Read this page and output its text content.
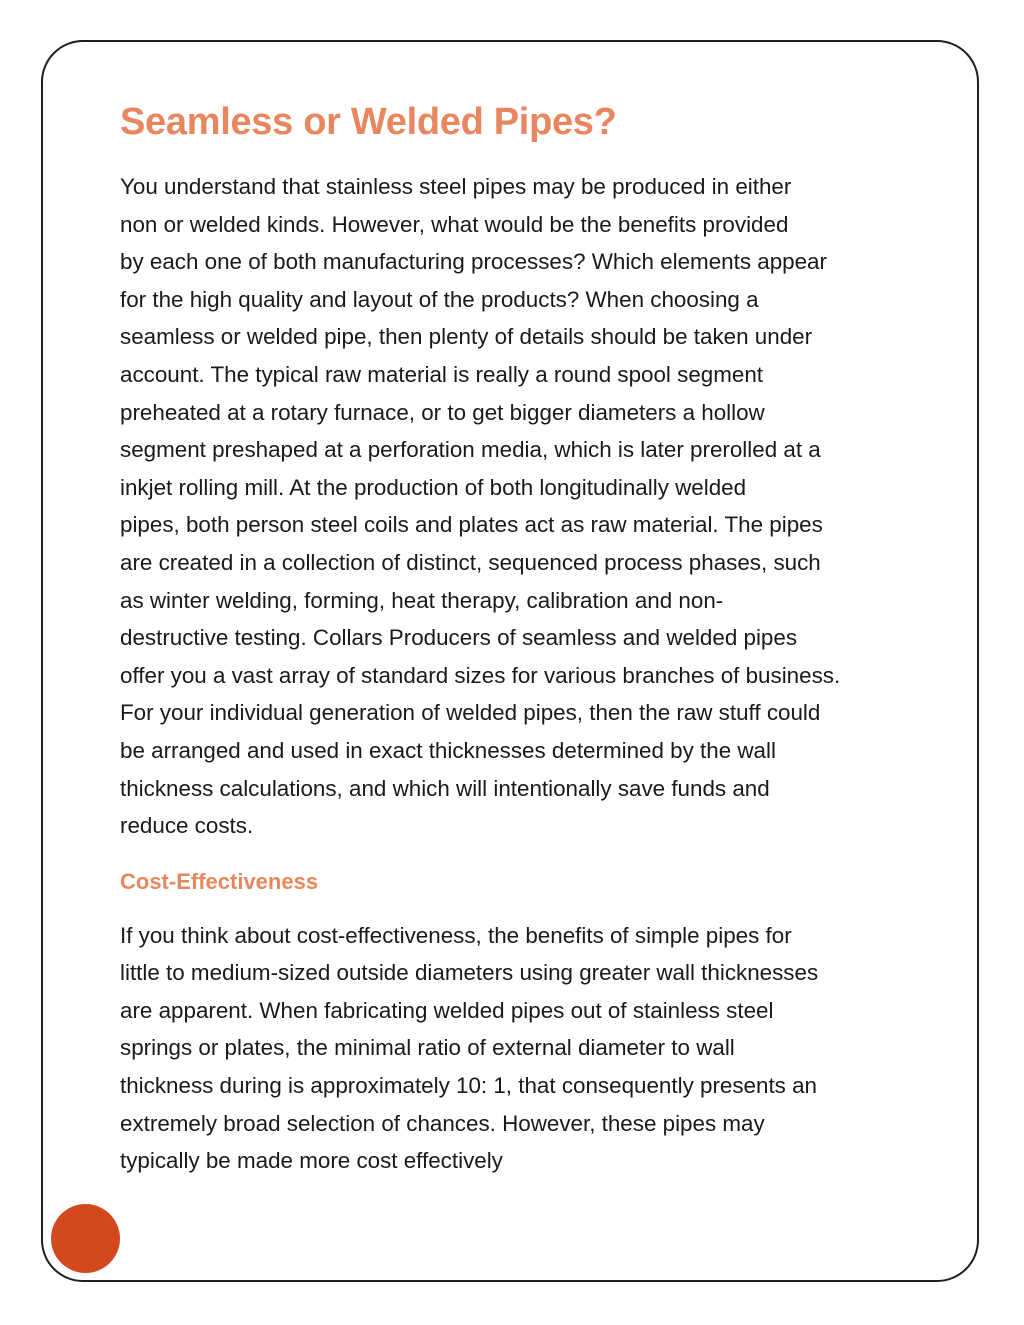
Seamless or Welded Pipes?

You understand that stainless steel pipes may be produced in either
non or welded kinds. However, what would be the benefits provided
by each one of both manufacturing processes? Which elements appear
for the high quality and layout of the products? When choosing a
seamless or welded pipe, then plenty of details should be taken under
account. The typical raw material is really a round spool segment
preheated at a rotary furnace, or to get bigger diameters a hollow
segment preshaped at a perforation media, which is later prerolled at a
inkjet rolling mill. At the production of both longitudinally welded
pipes, both person steel coils and plates act as raw material. The pipes
are created in a collection of distinct, sequenced process phases, such
as winter welding, forming, heat therapy, calibration and non-
destructive testing. Collars Producers of seamless and welded pipes
offer you a vast array of standard sizes for various branches of business.
For your individual generation of welded pipes, then the raw stuff could
be arranged and used in exact thicknesses determined by the wall
thickness calculations, and which will intentionally save funds and
reduce costs.

Cost-Effectiveness

If you think about cost-effectiveness, the benefits of simple pipes for
little to medium-sized outside diameters using greater wall thicknesses
are apparent. When fabricating welded pipes out of stainless steel
springs or plates, the minimal ratio of external diameter to wall
thickness during is approximately 10: 1, that consequently presents an
extremely broad selection of chances. However, these pipes may
typically be made more cost effectively
